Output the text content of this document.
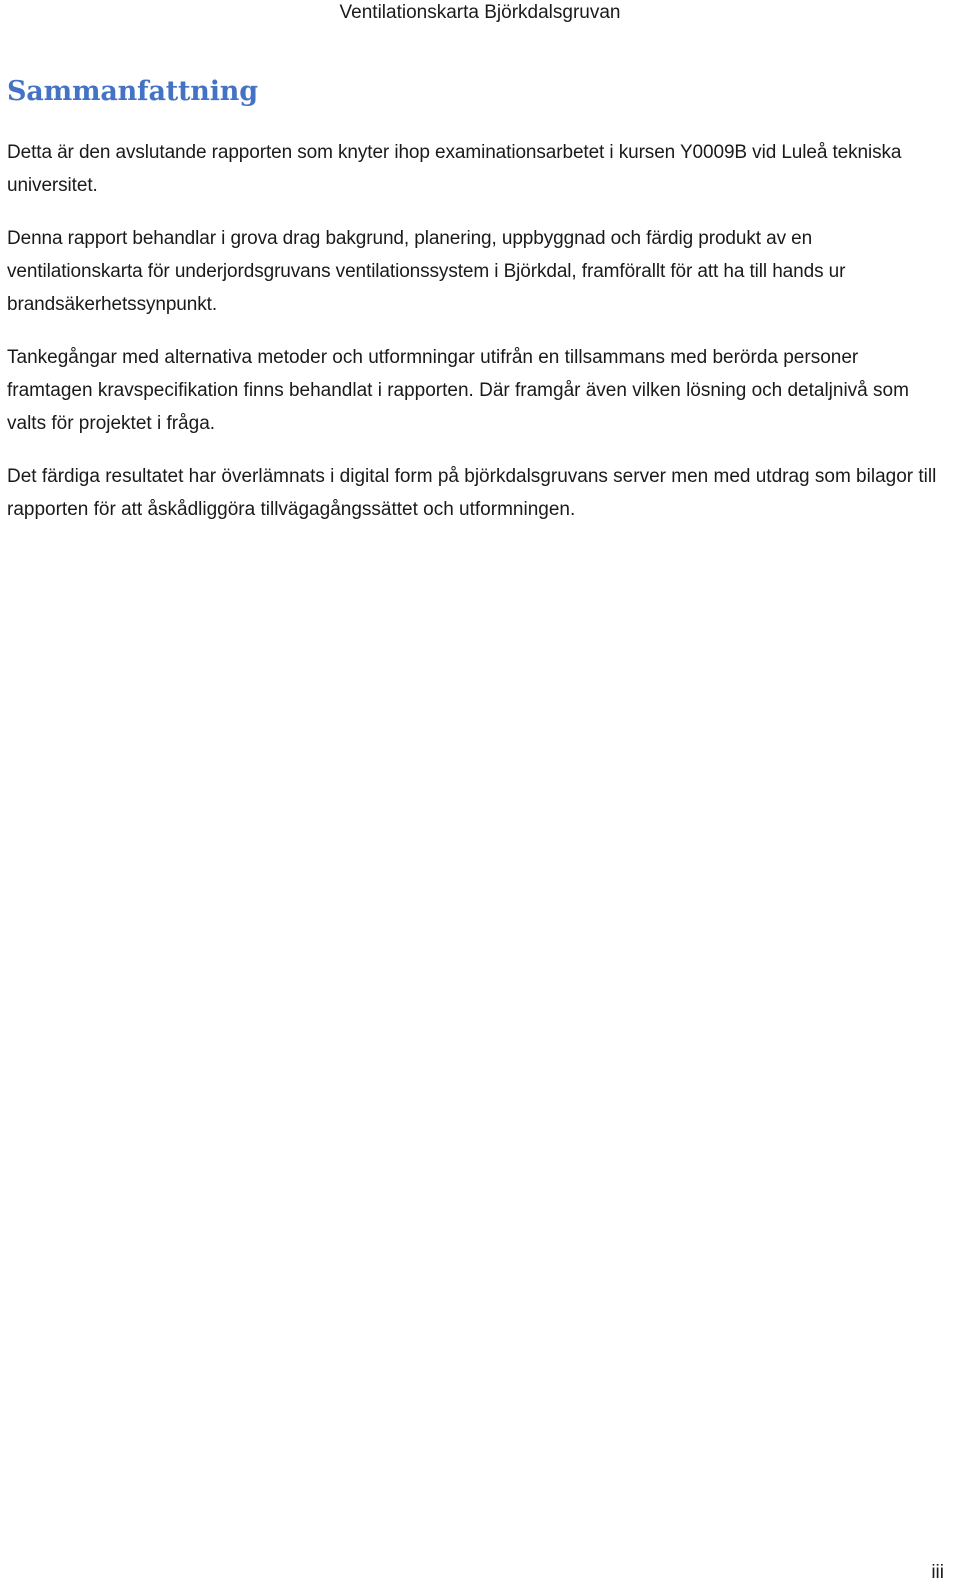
Ventilationskarta Björkdalsgruvan
Sammanfattning

Detta är den avslutande rapporten som knyter ihop examinationsarbetet i kursen Y0009B vid Luleå tekniska universitet.

Denna rapport behandlar i grova drag bakgrund, planering, uppbyggnad och färdig produkt av en ventilationskarta för underjordsgruvans ventilationssystem i Björkdal, framförallt för att ha till hands ur brandsäkerhetssynpunkt.

Tankegångar med alternativa metoder och utformningar utifrån en tillsammans med berörda personer framtagen kravspecifikation finns behandlat i rapporten. Där framgår även vilken lösning och detaljnivå som valts för projektet i fråga.

Det färdiga resultatet har överlämnats i digital form på björkdalsgruvans server men med utdrag som bilagor till rapporten för att åskådliggöra tillvägagångssättet och utformningen.

iii
